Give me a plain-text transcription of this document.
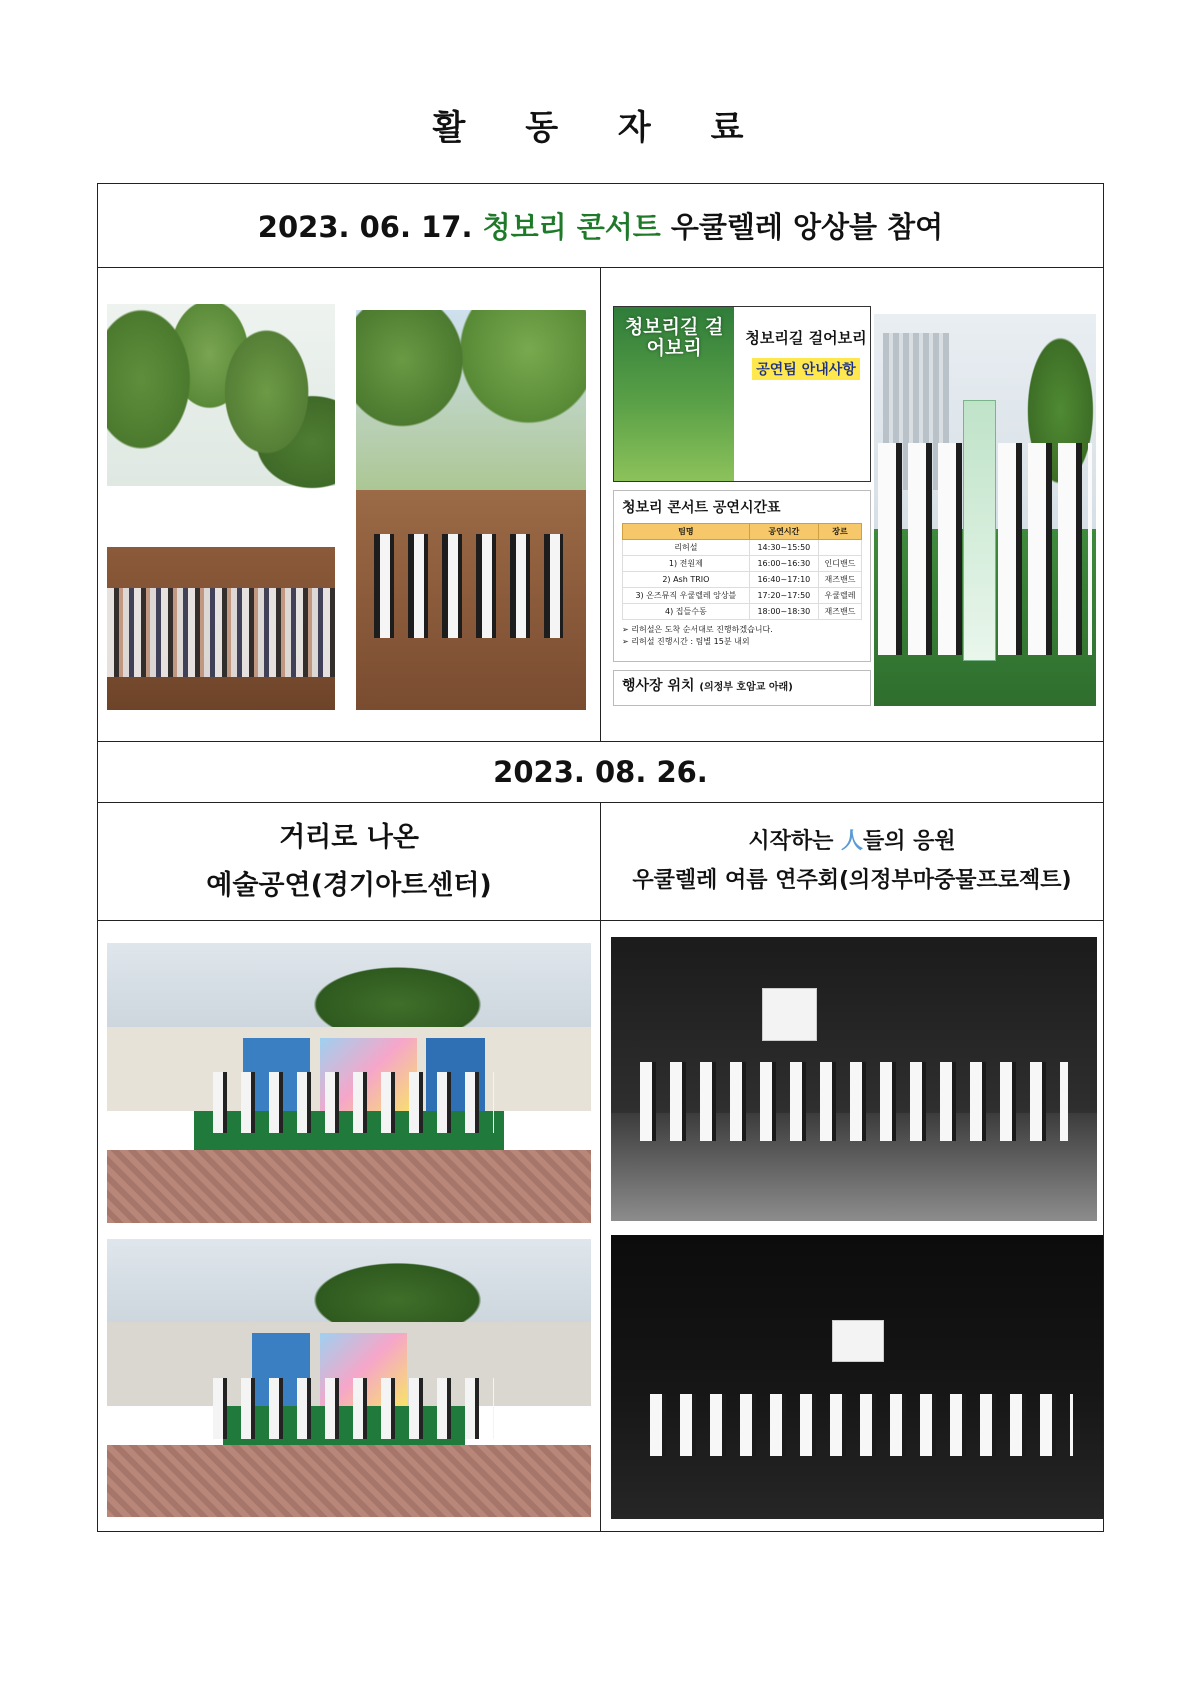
활 동 자 료
2023. 06. 17. 청보리 콘서트 우쿨렐레 앙상블 참여

청보리길 걸어보리	청보리길 걸어보리
공연팀 안내사항
청보리 콘서트 공연시간표
팀명	공연시간	장르
리허설	14:30~15:50	
1) 전원제	16:00~16:30	인디밴드
2) Ash TRIO	16:40~17:10	재즈밴드
3) 온즈뮤직 우쿨렐레 앙상블	17:20~17:50	우쿨렐레
4) 집들수동	18:00~18:30	재즈밴드
➢ 리허설은 도착 순서대로 진행하겠습니다.
➢ 리허설 진행시간 : 팀별 15분 내외
행사장 위치 (의정부 호암교 아래)

2023. 08. 26.

거리로 나온
예술공연(경기아트센터)

시작하는 人들의 응원
우쿨렐레 여름 연주회(의정부마중물프로젝트)
